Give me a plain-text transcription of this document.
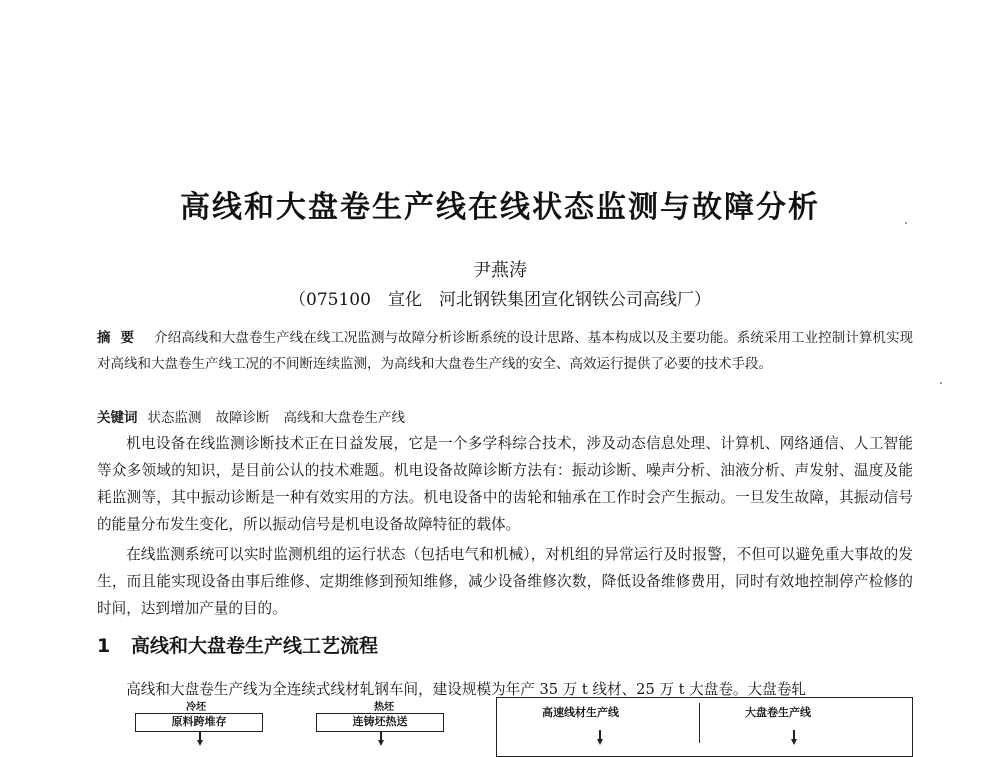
高线和大盘卷生产线在线状态监测与故障分析
尹燕涛
（075100　宣化　河北钢铁集团宣化钢铁公司高线厂）
摘要 介绍高线和大盘卷生产线在线工况监测与故障分析诊断系统的设计思路、基本构成以及主要功能。系统采用工业控制计算机实现对高线和大盘卷生产线工况的不间断连续监测，为高线和大盘卷生产线的安全、高效运行提供了必要的技术手段。
关键词 状态监测 故障诊断 高线和大盘卷生产线
机电设备在线监测诊断技术正在日益发展，它是一个多学科综合技术，涉及动态信息处理、计算机、网络通信、人工智能等众多领域的知识，是目前公认的技术难题。机电设备故障诊断方法有：振动诊断、噪声分析、油液分析、声发射、温度及能耗监测等，其中振动诊断是一种有效实用的方法。机电设备中的齿轮和轴承在工作时会产生振动。一旦发生故障，其振动信号的能量分布发生变化，所以振动信号是机电设备故障特征的载体。
在线监测系统可以实时监测机组的运行状态（包括电气和机械），对机组的异常运行及时报警，不但可以避免重大事故的发生，而且能实现设备由事后维修、定期维修到预知维修，减少设备维修次数，降低设备维修费用，同时有效地控制停产检修的时间，达到增加产量的目的。
1 高线和大盘卷生产线工艺流程
高线和大盘卷生产线为全连续式线材轧钢车间，建设规模为年产 35 万 t 线材、25 万 t 大盘卷。大盘卷轧
冷坯	热坯
原料跨堆存	连铸坯热送
高速线材生产线	大盘卷生产线
